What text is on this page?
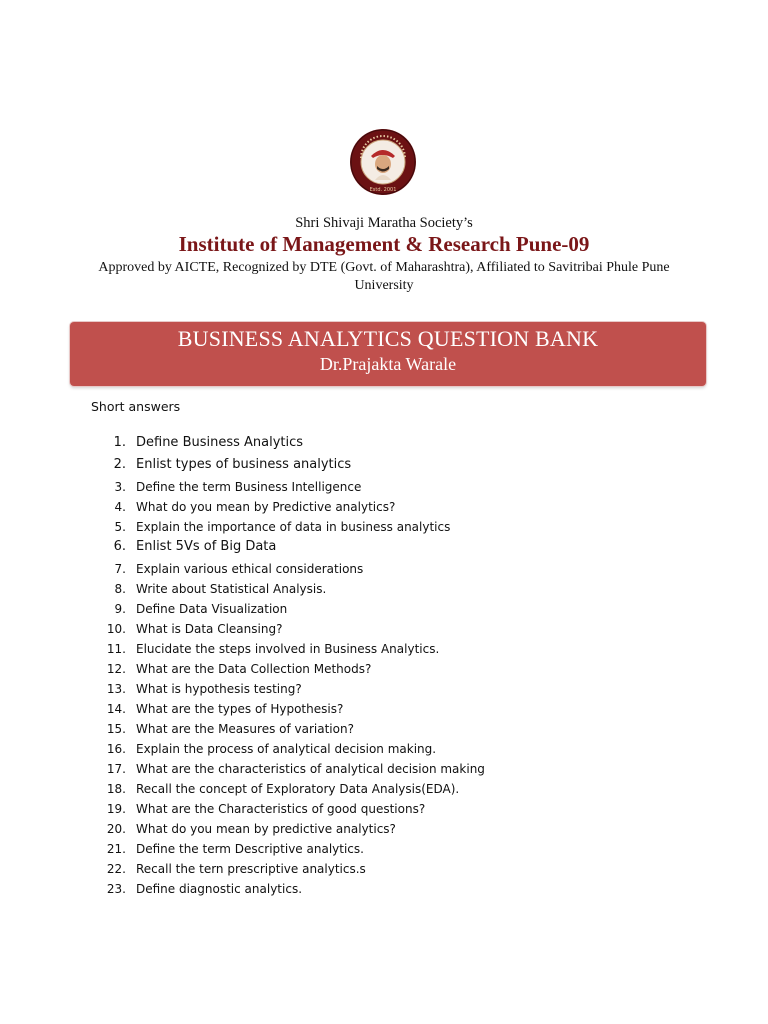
Estd. 2001
Shri Shivaji Maratha Society’s
Institute of Management & Research Pune-09
Approved by AICTE, Recognized by DTE (Govt. of Maharashtra), Affiliated to Savitribai Phule Pune University
BUSINESS ANALYTICS QUESTION BANK
Dr.Prajakta Warale
Short answers
1. Define Business Analytics
2. Enlist types of business analytics
3. Define the term Business Intelligence
4. What do you mean by Predictive analytics?
5. Explain the importance of data in business analytics
6. Enlist 5Vs of Big Data
7. Explain various ethical considerations
8. Write about Statistical Analysis.
9. Define Data Visualization
10. What is Data Cleansing?
11. Elucidate the steps involved in Business Analytics.
12. What are the Data Collection Methods?
13. What is hypothesis testing?
14. What are the types of Hypothesis?
15. What are the Measures of variation?
16. Explain the process of analytical decision making.
17. What are the characteristics of analytical decision making
18. Recall the concept of Exploratory Data Analysis(EDA).
19. What are the Characteristics of good questions?
20. What do you mean by predictive analytics?
21. Define the term Descriptive analytics.
22. Recall the tern prescriptive analytics.s
23. Define diagnostic analytics.
